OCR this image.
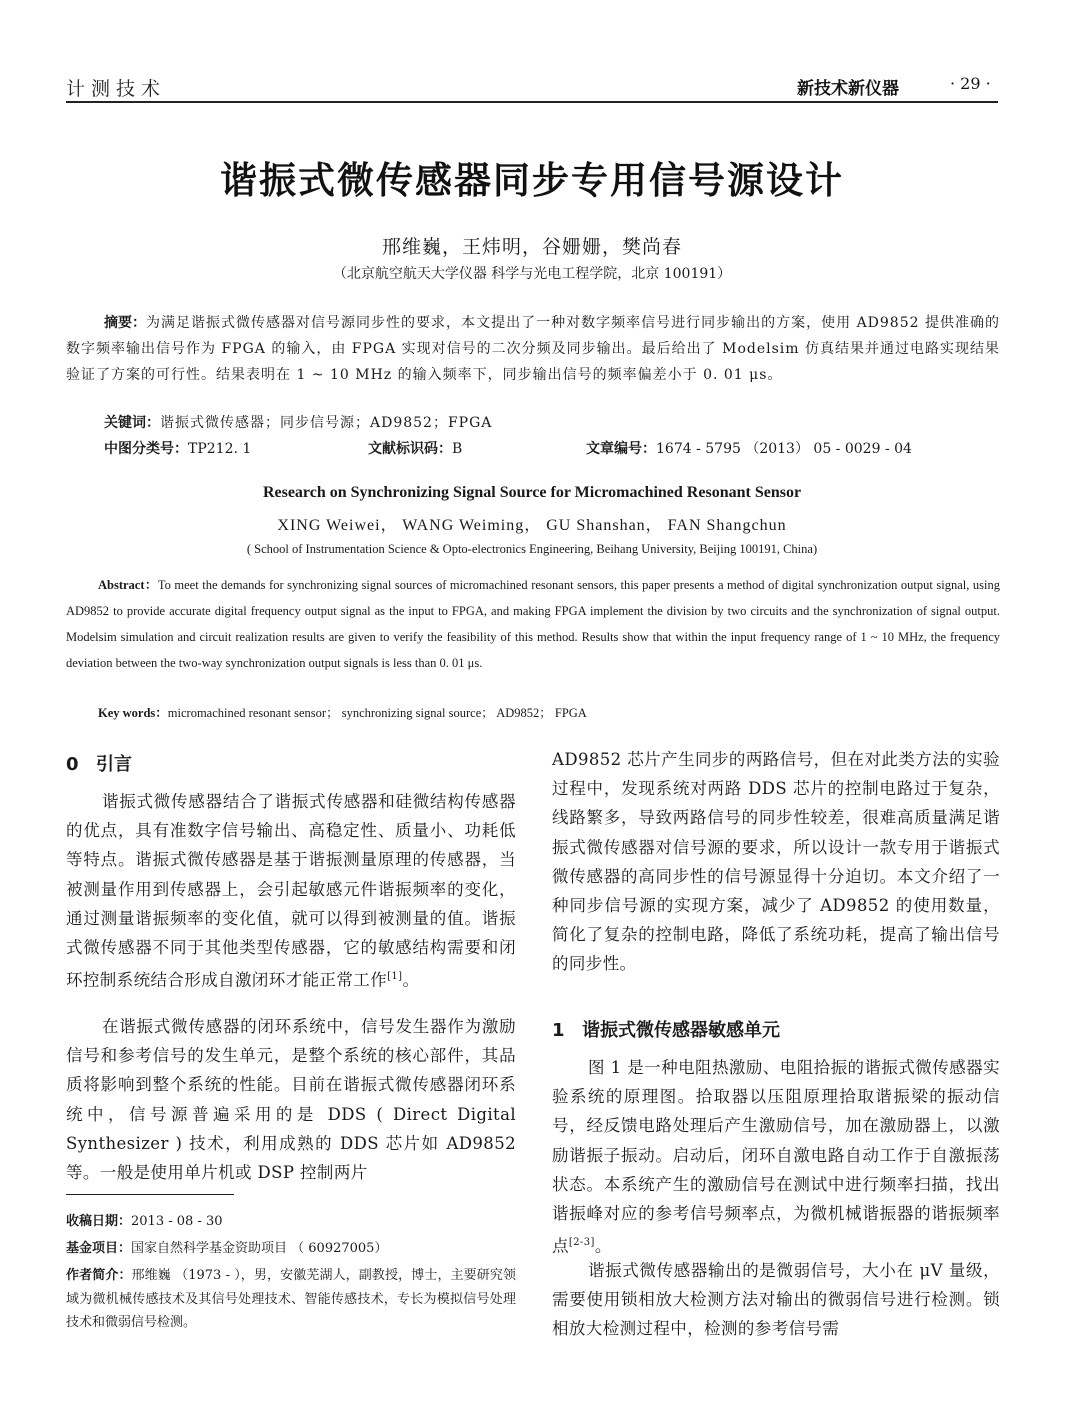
计测技术	新技术新仪器	· 29 ·
谐振式微传感器同步专用信号源设计
邢维巍，王炜明，谷姗姗，樊尚春
（北京航空航天大学仪器 科学与光电工程学院，北京 100191）

摘要：为满足谐振式微传感器对信号源同步性的要求，本文提出了一种对数字频率信号进行同步输出的方案，使用 AD9852 提供准确的数字频率输出信号作为 FPGA 的输入，由 FPGA 实现对信号的二次分频及同步输出。最后给出了 Modelsim 仿真结果并通过电路实现结果验证了方案的可行性。结果表明在 1 ~ 10 MHz 的输入频率下，同步输出信号的频率偏差小于 0. 01 μs。

关键词：谐振式微传感器；同步信号源；AD9852；FPGA
中图分类号：TP212. 1	文献标识码：B	文章编号：1674 - 5795 （2013） 05 - 0029 - 04
Research on Synchronizing Signal Source for Micromachined Resonant Sensor
XING Weiwei， WANG Weiming， GU Shanshan， FAN Shangchun
( School of Instrumentation Science & Opto-electronics Engineering, Beihang University, Beijing 100191, China)

Abstract：To meet the demands for synchronizing signal sources of micromachined resonant sensors, this paper presents a method of digital synchronization output signal, using AD9852 to provide accurate digital frequency output signal as the input to FPGA, and making FPGA implement the division by two circuits and the synchronization of signal output. Modelsim simulation and circuit realization results are given to verify the feasibility of this method. Results show that within the input frequency range of 1 ~ 10 MHz, the frequency deviation between the two-way synchronization output signals is less than 0. 01 μs.

Key words：micromachined resonant sensor； synchronizing signal source； AD9852； FPGA
0 引言

谐振式微传感器结合了谐振式传感器和硅微结构传感器的优点，具有准数字信号输出、高稳定性、质量小、功耗低等特点。谐振式微传感器是基于谐振测量原理的传感器，当被测量作用到传感器上，会引起敏感元件谐振频率的变化，通过测量谐振频率的变化值，就可以得到被测量的值。谐振式微传感器不同于其他类型传感器，它的敏感结构需要和闭环控制系统结合形成自激闭环才能正常工作[1]。

在谐振式微传感器的闭环系统中，信号发生器作为激励信号和参考信号的发生单元，是整个系统的核心部件，其品质将影响到整个系统的性能。目前在谐振式微传感器闭环系统中，信号源普遍采用的是 DDS ( Direct Digital Synthesizer ) 技术，利用成熟的 DDS 芯片如 AD9852 等。一般是使用单片机或 DSP 控制两片

收稿日期：2013 - 08 - 30

基金项目：国家自然科学基金资助项目 （ 60927005）

作者简介：邢维巍 （1973 - ），男，安徽芜湖人，副教授，博士，主要研究领域为微机械传感技术及其信号处理技术、智能传感技术，专长为模拟信号处理技术和微弱信号检测。

AD9852 芯片产生同步的两路信号，但在对此类方法的实验过程中，发现系统对两路 DDS 芯片的控制电路过于复杂，线路繁多，导致两路信号的同步性较差，很难高质量满足谐振式微传感器对信号源的要求，所以设计一款专用于谐振式微传感器的高同步性的信号源显得十分迫切。本文介绍了一种同步信号源的实现方案，减少了 AD9852 的使用数量，简化了复杂的控制电路，降低了系统功耗，提高了输出信号的同步性。

1 谐振式微传感器敏感单元

图 1 是一种电阻热激励、电阻拾振的谐振式微传感器实验系统的原理图。拾取器以压阻原理拾取谐振梁的振动信号，经反馈电路处理后产生激励信号，加在激励器上，以激励谐振子振动。启动后，闭环自激电路自动工作于自激振荡状态。本系统产生的激励信号在测试中进行频率扫描，找出谐振峰对应的参考信号频率点，为微机械谐振器的谐振频率点[2-3]。

谐振式微传感器输出的是微弱信号，大小在 μV 量级，需要使用锁相放大检测方法对输出的微弱信号进行检测。锁相放大检测过程中，检测的参考信号需
